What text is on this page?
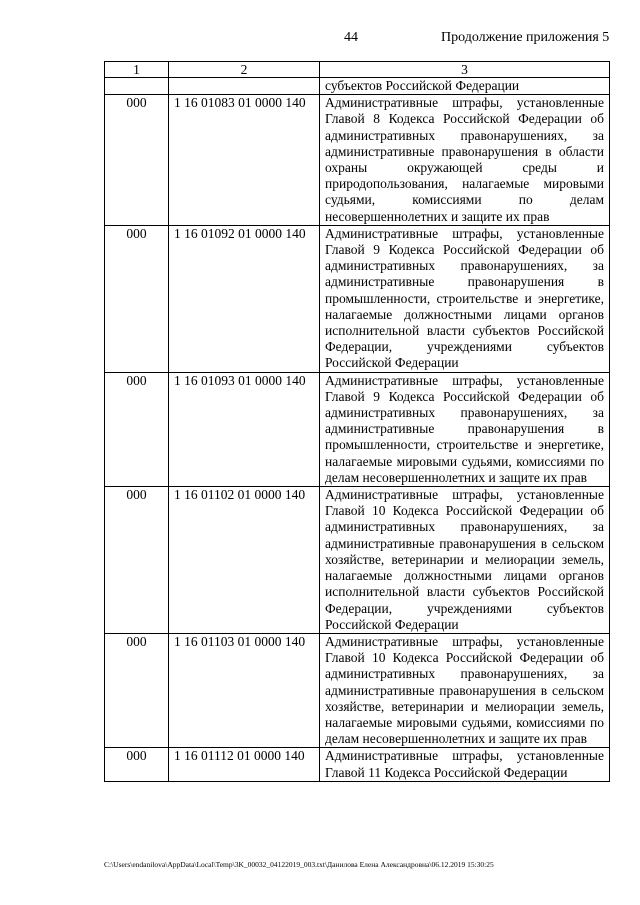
44	Продолжение приложения 5
1	2	3
		субъектов Российской Федерации
000	1 16 01083 01 0000 140	Административные штрафы, установленные Главой 8 Кодекса Российской Федерации об административных правонарушениях, за административные правонарушения в области охраны окружающей среды и природопользования, налагаемые мировыми судьями, комиссиями по делам несовершеннолетних и защите их прав
000	1 16 01092 01 0000 140	Административные штрафы, установленные Главой 9 Кодекса Российской Федерации об административных правонарушениях, за административные правонарушения в промышленности, строительстве и энергетике, налагаемые должностными лицами органов исполнительной власти субъектов Российской Федерации, учреждениями субъектов Российской Федерации
000	1 16 01093 01 0000 140	Административные штрафы, установленные Главой 9 Кодекса Российской Федерации об административных правонарушениях, за административные правонарушения в промышленности, строительстве и энергетике, налагаемые мировыми судьями, комиссиями по делам несовершеннолетних и защите их прав
000	1 16 01102 01 0000 140	Административные штрафы, установленные Главой 10 Кодекса Российской Федерации об административных правонарушениях, за административные правонарушения в сельском хозяйстве, ветеринарии и мелиорации земель, налагаемые должностными лицами органов исполнительной власти субъектов Российской Федерации, учреждениями субъектов Российской Федерации
000	1 16 01103 01 0000 140	Административные штрафы, установленные Главой 10 Кодекса Российской Федерации об административных правонарушениях, за административные правонарушения в сельском хозяйстве, ветеринарии и мелиорации земель, налагаемые мировыми судьями, комиссиями по делам несовершеннолетних и защите их прав
000	1 16 01112 01 0000 140	Административные штрафы, установленные Главой 11 Кодекса Российской Федерации
C:\Users\endanilova\AppData\Local\Temp\3K_00032_04122019_003.txt\Данилова Елена Александровна\06.12.2019 15:30:25
